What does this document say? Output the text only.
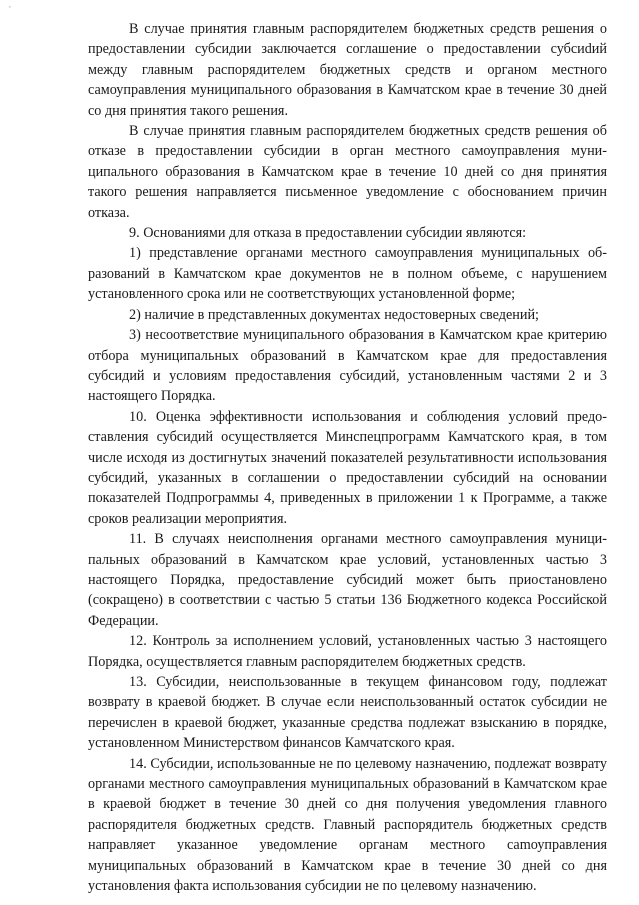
ˆ

В случае принятия главным распорядителем бюджетных средств решения о предоставлении субсидии заключается соглашение о предоставлении субсиdий между главным распорядителем бюджетных средств и органом местного самоуправления муниципального образования в Камчатском крае в течение 30 дней со дня принятия такого решения.

В случае принятия главным распорядителем бюджетных средств решения об отказе в предоставлении субсидии в орган местного самоуправления муниципального образования в Камчатском крае в течение 10 дней со дня принятия такого решения направляется письменное уведомление с обоснованием причин отказа.

9. Основаниями для отказа в предоставлении субсидии являются:

1) представление органами местного самоуправления муниципальных образований в Камчатском крае документов не в полном объеме, с нарушением установленного срока или не соответствующих установленной форме;

2) наличие в представленных документах недостоверных сведений;

3) несоответствие муниципального образования в Камчатском крае критерию отбора муниципальных образований в Камчатском крае для предоставления субсидий и условиям предоставления субсидий, установленным частями 2 и 3 настоящего Порядка.

10. Оценка эффективности использования и соблюдения условий предоставления субсидий осуществляется Минспецпрограмм Камчатского края, в том числе исходя из достигнутых значений показателей результативности использования субсидий, указанных в соглашении о предоставлении субсидий на основании показателей Подпрограммы 4, приведенных в приложении 1 к Программе, а также сроков реализации мероприятия.

11. В случаях неисполнения органами местного самоуправления муниципальных образований в Камчатском крае условий, установленных частью 3 настоящего Порядка, предоставление субсидий может быть приостановлено (сокращено) в соответствии с частью 5 статьи 136 Бюджетного кодекса Российской Федерации.

12. Контроль за исполнением условий, установленных частью 3 настоящего Порядка, осуществляется главным распорядителем бюджетных средств.

13. Субсидии, неиспользованные в текущем финансовом году, подлежат возврату в краевой бюджет. В случае если неиспользованный остаток субсидии не перечислен в краевой бюджет, указанные средства подлежат взысканию в порядке, установленном Министерством финансов Камчатского края.

14. Субсидии, использованные не по целевому назначению, подлежат возврату органами местного самоуправления муниципальных образований в Камчатском крае в краевой бюджет в течение 30 дней со дня получения уведомления главного распорядителя бюджетных средств. Главный распорядитель бюджетных средств направляет указанное уведомление органам местного саmоуправления муниципальных образований в Камчатском крае в течение 30 дней со дня установления факта использования субсидии не по целевому назначению.
